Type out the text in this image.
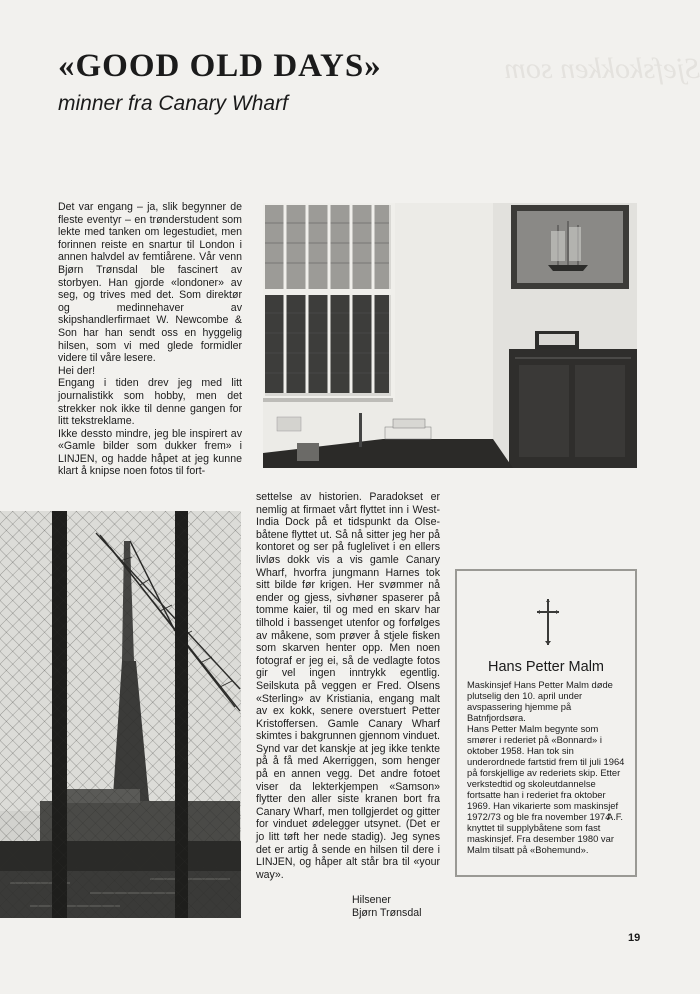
Sjefskokken som
«GOOD OLD DAYS»
minner fra Canary Wharf

Det var engang – ja, slik begynner de fleste eventyr – en trønderstudent som lekte med tanken om legestudiet, men forinnen reiste en snartur til London i annen halvdel av femtiårene. Vår venn Bjørn Trønsdal ble fascinert av storbyen. Han gjorde «londoner» av seg, og trives med det. Som direktør og medinnehaver av skipshandlerfirmaet W. Newcombe & Son har han sendt oss en hyggelig hilsen, som vi med glede formidler videre til våre lesere.

Hei der!

Engang i tiden drev jeg med litt journalistikk som hobby, men det strekker nok ikke til denne gangen for litt tekstreklame.

Ikke dessto mindre, jeg ble inspirert av «Gamle bilder som dukker frem» i LINJEN, og hadde håpet at jeg kunne klart å knipse noen fotos til fort-

settelse av historien. Paradokset er nemlig at firmaet vårt flyttet inn i West-India Dock på et tidspunkt da Olse-båtene flyttet ut. Så nå sitter jeg her på kontoret og ser på fuglelivet i en ellers livløs dokk vis a vis gamle Canary Wharf, hvorfra jungmann Harnes tok sitt bilde før krigen. Her svømmer nå ender og gjess, sivhøner spaserer på tomme kaier, til og med en skarv har tilhold i bassenget utenfor og forfølges av måkene, som prøver å stjele fisken som skarven henter opp. Men noen fotograf er jeg ei, så de vedlagte fotos gir vel ingen inntrykk egentlig. Seilskuta på veggen er Fred. Olsens «Sterling» av Kristiania, engang malt av ex kokk, senere overstuert Petter Kristoffersen. Gamle Canary Wharf skimtes i bakgrunnen gjennom vinduet. Synd var det kanskje at jeg ikke tenkte på å få med Akerriggen, som henger på en annen vegg. Det andre fotoet viser da lekterkjempen «Samson» flytter den aller siste kranen bort fra Canary Wharf, men tollgjerdet og gitter for vinduet ødelegger utsynet. (Det er jo litt tøft her nede stadig). Jeg synes det er artig å sende en hilsen til dere i LINJEN, og håper alt står bra til «your way».

Hilsener
Bjørn Trønsdal
Hans Petter Malm

Maskinsjef Hans Petter Malm døde plutselig den 10. april under avspassering hjemme på Batnfjordsøra.

Hans Petter Malm begynte som smører i rederiet på «Bonnard» i oktober 1958. Han tok sin underordnede fartstid frem til juli 1964 på forskjellige av rederiets skip. Etter verkstedtid og skoleutdannelse fortsatte han i rederiet fra oktober 1969. Han vikarierte som maskinsjef 1972/73 og ble fra november 1974 knyttet til supplybåtene som fast maskinsjef. Fra desember 1980 var Malm tilsatt på «Bohemund».

A.F.
19
